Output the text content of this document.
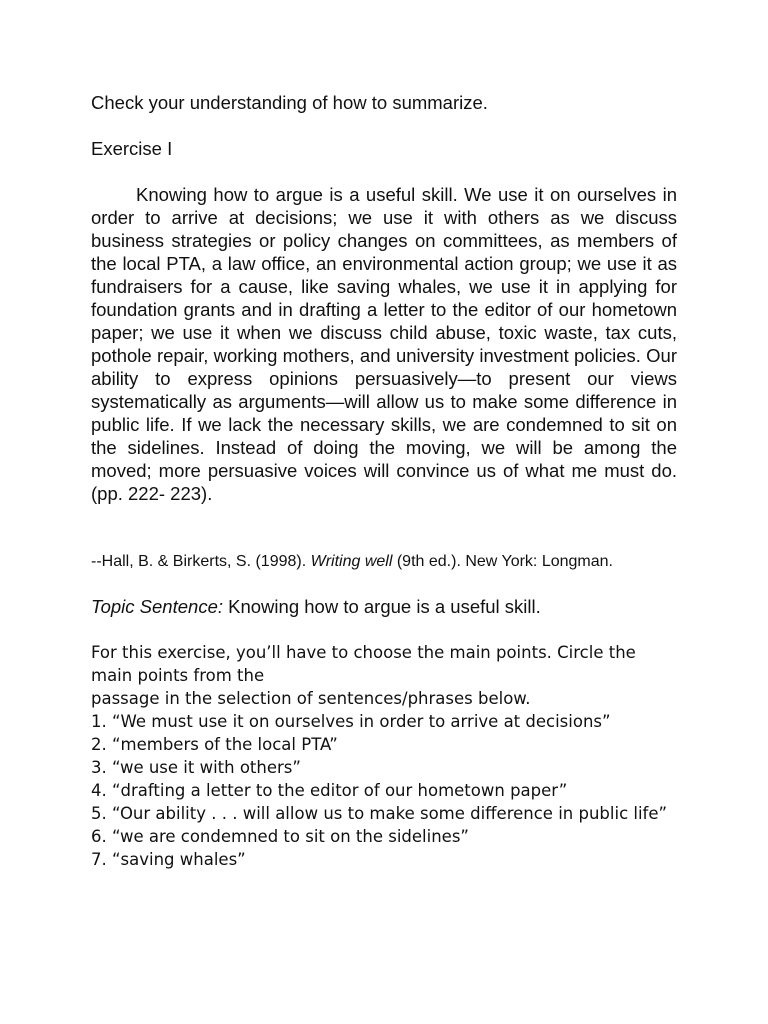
Check your understanding of how to summarize.

Exercise I

Knowing how to argue is a useful skill. We use it on ourselves in order to arrive at decisions; we use it with others as we discuss business strategies or policy changes on committees, as members of the local PTA, a law office, an environmental action group; we use it as fundraisers for a cause, like saving whales, we use it in applying for foundation grants and in drafting a letter to the editor of our hometown paper; we use it when we discuss child abuse, toxic waste, tax cuts, pothole repair, working mothers, and university investment policies. Our ability to express opinions persuasively—to present our views systematically as arguments—will allow us to make some difference in public life. If we lack the necessary skills, we are condemned to sit on the sidelines. Instead of doing the moving, we will be among the moved; more persuasive voices will convince us of what me must do. (pp. 222- 223).

--Hall, B. & Birkerts, S. (1998). Writing well (9th ed.). New York: Longman.

Topic Sentence: Knowing how to argue is a useful skill.

For this exercise, you’ll have to choose the main points. Circle the main points from the

passage in the selection of sentences/phrases below.

1. “We must use it on ourselves in order to arrive at decisions”
2. “members of the local PTA”
3. “we use it with others”
4. “drafting a letter to the editor of our hometown paper”
5. “Our ability . . . will allow us to make some difference in public life”
6. “we are condemned to sit on the sidelines”
7. “saving whales”
